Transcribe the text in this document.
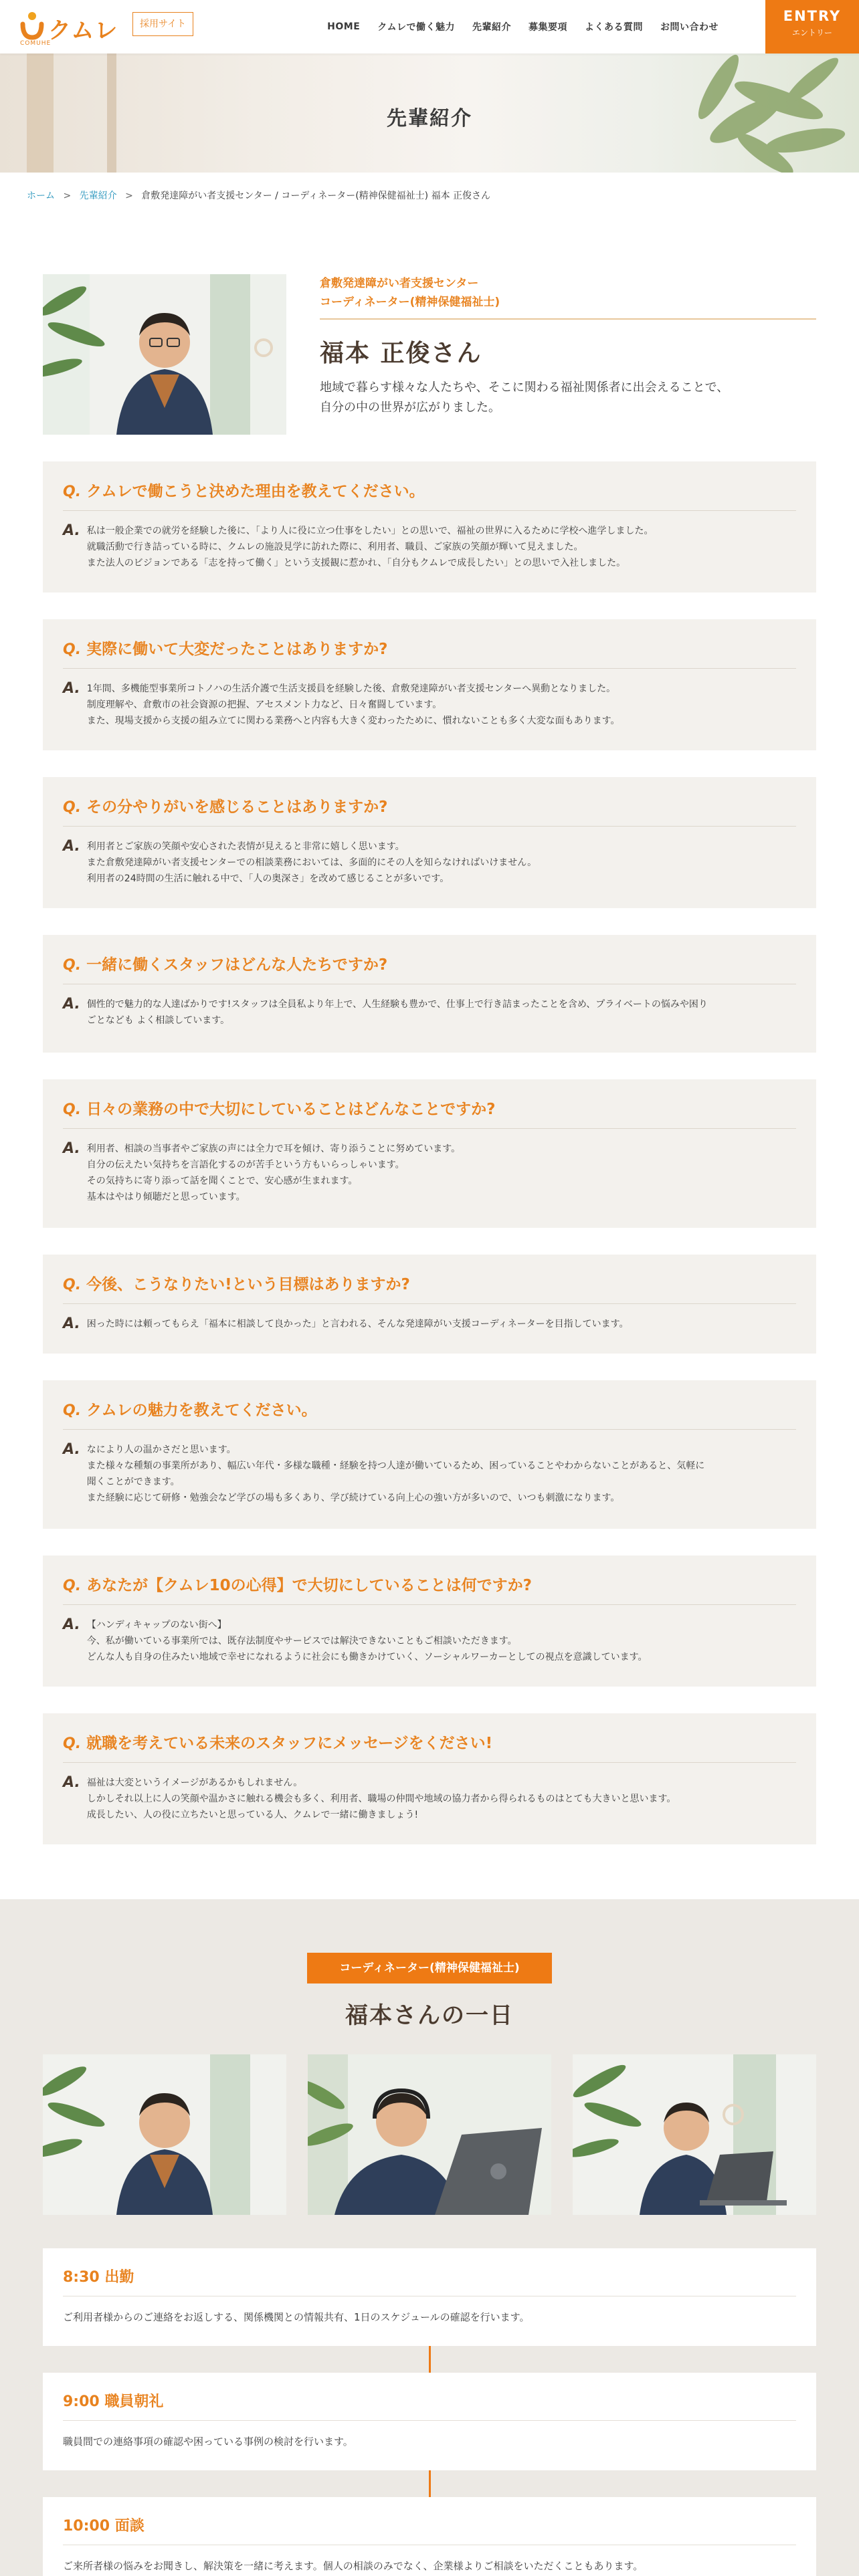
クムレ
COMUHE
採用サイト	HOME クムレで働く魅力 先輩紹介 募集要項 よくある質問 お問い合わせ
ENTRY
エントリー
先輩紹介
ホーム > 先輩紹介 > 倉敷発達障がい者支援センター / コーディネーター(精神保健福祉士) 福本 正俊さん
倉敷発達障がい者支援センター
コーディネーター(精神保健福祉士)
福本 正俊さん
地域で暮らす様々な人たちや、そこに関わる福祉関係者に出会えることで、
自分の中の世界が広がりました。
Q. クムレで働こうと決めた理由を教えてください。
A. 私は一般企業での就労を経験した後に、「より人に役に立つ仕事をしたい」との思いで、福祉の世界に入るために学校へ進学しました。

就職活動で行き詰っている時に、クムレの施設見学に訪れた際に、利用者、職員、ご家族の笑顔が輝いて見えました。

また法人のビジョンである「志を持って働く」という支援観に惹かれ、「自分もクムレで成長したい」との思いで入社しました。

Q. 実際に働いて大変だったことはありますか?
A. 1年間、多機能型事業所コトノハの生活介護で生活支援員を経験した後、倉敷発達障がい者支援センターへ異動となりました。

制度理解や、倉敷市の社会資源の把握、アセスメント力など、日々奮闘しています。

また、現場支援から支援の組み立てに関わる業務へと内容も大きく変わったために、慣れないことも多く大変な面もあります。

Q. その分やりがいを感じることはありますか?
A. 利用者とご家族の笑顔や安心された表情が見えると非常に嬉しく思います。

また倉敷発達障がい者支援センターでの相談業務においては、多面的にその人を知らなければいけません。

利用者の24時間の生活に触れる中で、「人の奥深さ」を改めて感じることが多いです。

Q. 一緒に働くスタッフはどんな人たちですか?
A. 個性的で魅力的な人達ばかりです!スタッフは全員私より年上で、人生経験も豊かで、仕事上で行き詰まったことを含め、プライベートの悩みや困り

ごとなども よく相談しています。

Q. 日々の業務の中で大切にしていることはどんなことですか?
A. 利用者、相談の当事者やご家族の声には全力で耳を傾け、寄り添うことに努めています。

自分の伝えたい気持ちを言語化するのが苦手という方もいらっしゃいます。

その気持ちに寄り添って話を聞くことで、安心感が生まれます。

基本はやはり傾聴だと思っています。

Q. 今後、こうなりたい!という目標はありますか?
A. 困った時には頼ってもらえ「福本に相談して良かった」と言われる、そんな発達障がい支援コーディネーターを目指しています。

Q. クムレの魅力を教えてください。
A. なにより人の温かさだと思います。

また様々な種類の事業所があり、幅広い年代・多様な職種・経験を持つ人達が働いているため、困っていることやわからないことがあると、気軽に

聞くことができます。

また経験に応じて研修・勉強会など学びの場も多くあり、学び続けている向上心の強い方が多いので、いつも刺激になります。

Q. あなたが【クムレ10の心得】で大切にしていることは何ですか?
A. 【ハンディキャップのない街へ】

今、私が働いている事業所では、既存法制度やサービスでは解決できないこともご相談いただきます。

どんな人も自身の住みたい地域で幸せになれるように社会にも働きかけていく、ソーシャルワーカーとしての視点を意識しています。

Q. 就職を考えている未来のスタッフにメッセージをください!
A. 福祉は大変というイメージがあるかもしれません。

しかしそれ以上に人の笑顔や温かさに触れる機会も多く、利用者、職場の仲間や地域の協力者から得られるものはとても大きいと思います。

成長したい、人の役に立ちたいと思っている人、クムレで一緒に働きましょう!

コーディネーター(精神保健福祉士)
福本さんの一日
8:30 出勤
ご利用者様からのご連絡をお返しする、関係機関との情報共有、1日のスケジュールの確認を行います。
9:00 職員朝礼
職員間での連絡事項の確認や困っている事例の検討を行います。
10:00 面談
ご来所者様の悩みをお聞きし、解決策を一緒に考えます。個人の相談のみでなく、企業様よりご相談をいただくこともあります。
